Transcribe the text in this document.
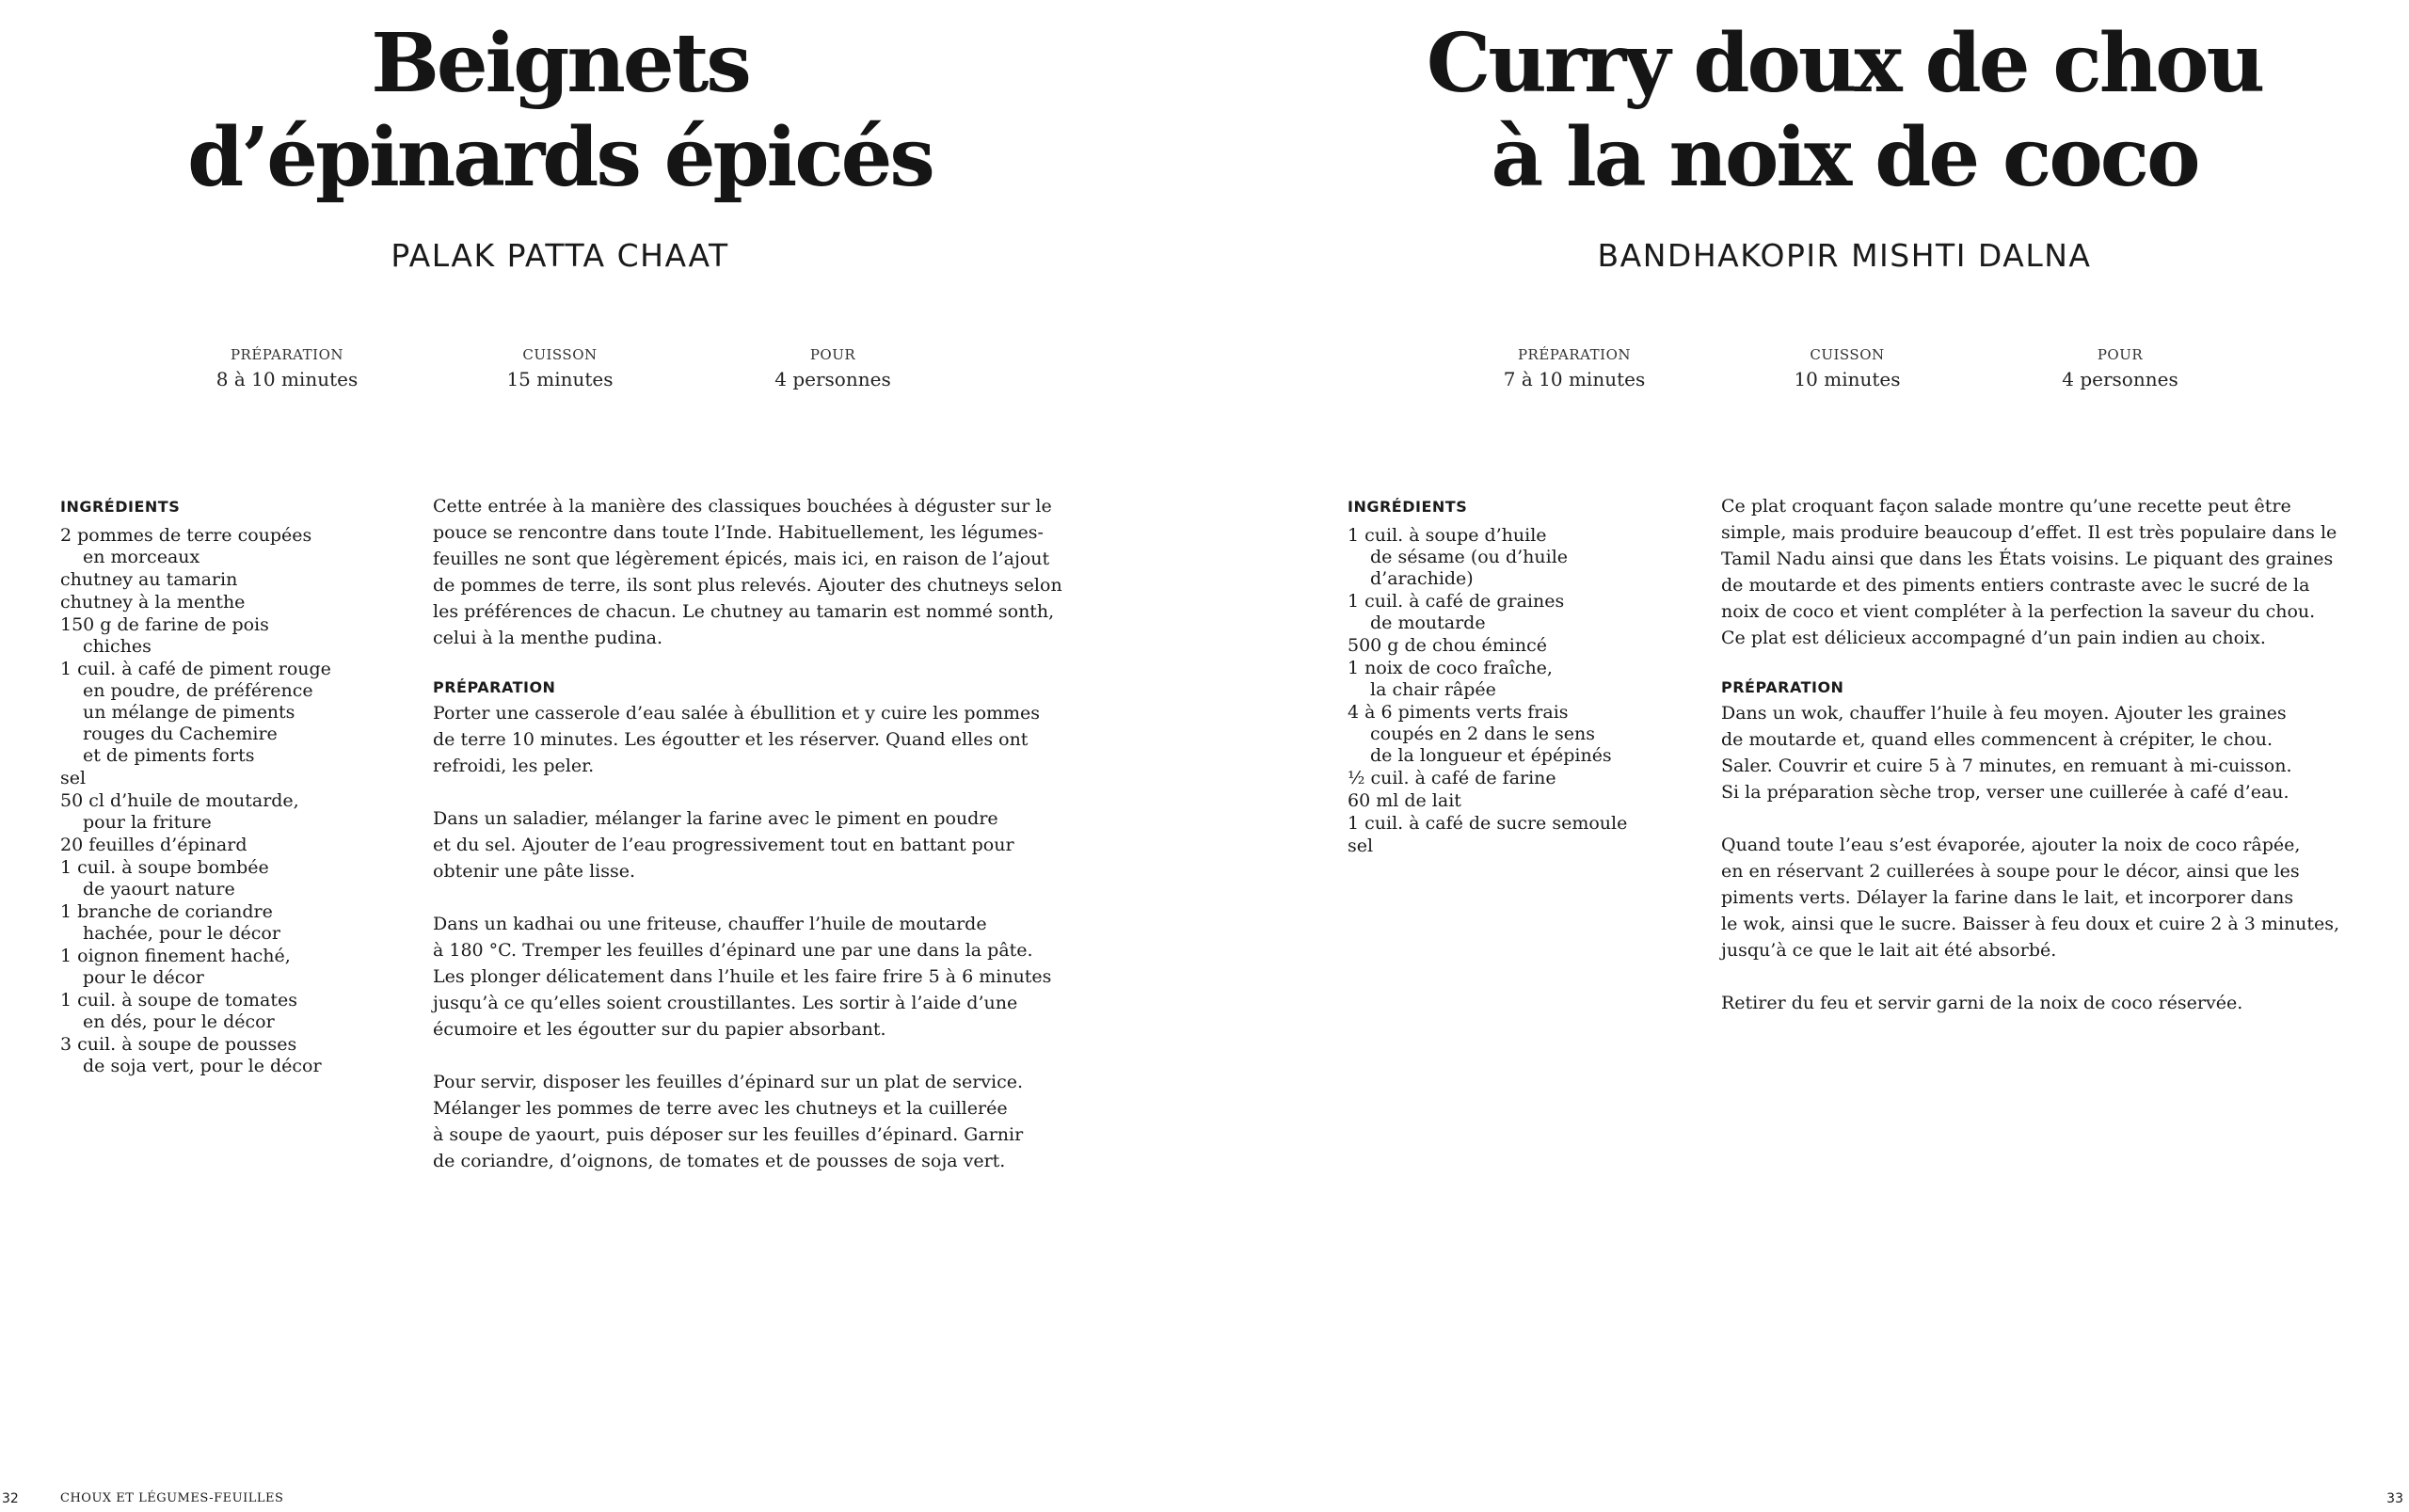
Beignets
d’épinards épicés
PALAK PATTA CHAAT
PRÉPARATION
8 à 10 minutes
CUISSON
15 minutes
POUR
4 personnes
INGRÉDIENTS
2 pommes de terre coupées
en morceaux
chutney au tamarin
chutney à la menthe
150 g de farine de pois
chiches
1 cuil. à café de piment rouge
en poudre, de préférence
un mélange de piments
rouges du Cachemire
et de piments forts
sel
50 cl d’huile de moutarde,
pour la friture
20 feuilles d’épinard
1 cuil. à soupe bombée
de yaourt nature
1 branche de coriandre
hachée, pour le décor
1 oignon finement haché,
pour le décor
1 cuil. à soupe de tomates
en dés, pour le décor
3 cuil. à soupe de pousses
de soja vert, pour le décor

Cette entrée à la manière des classiques bouchées à déguster sur le
pouce se rencontre dans toute l’Inde. Habituellement, les légumes-
feuilles ne sont que légèrement épicés, mais ici, en raison de l’ajout
de pommes de terre, ils sont plus relevés. Ajouter des chutneys selon
les préférences de chacun. Le chutney au tamarin est nommé sonth,
celui à la menthe pudina.

PRÉPARATION

Porter une casserole d’eau salée à ébullition et y cuire les pommes
de terre 10 minutes. Les égoutter et les réserver. Quand elles ont
refroidi, les peler.

Dans un saladier, mélanger la farine avec le piment en poudre
et du sel. Ajouter de l’eau progressivement tout en battant pour
obtenir une pâte lisse.

Dans un kadhai ou une friteuse, chauffer l’huile de moutarde
à 180 °C. Tremper les feuilles d’épinard une par une dans la pâte.
Les plonger délicatement dans l’huile et les faire frire 5 à 6 minutes
jusqu’à ce qu’elles soient croustillantes. Les sortir à l’aide d’une
écumoire et les égoutter sur du papier absorbant.

Pour servir, disposer les feuilles d’épinard sur un plat de service.
Mélanger les pommes de terre avec les chutneys et la cuillerée
à soupe de yaourt, puis déposer sur les feuilles d’épinard. Garnir
de coriandre, d’oignons, de tomates et de pousses de soja vert.

32	CHOUX ET LÉGUMES-FEUILLES
Curry doux de chou
à la noix de coco
BANDHAKOPIR MISHTI DALNA
PRÉPARATION
7 à 10 minutes
CUISSON
10 minutes
POUR
4 personnes
INGRÉDIENTS
1 cuil. à soupe d’huile
de sésame (ou d’huile
d’arachide)
1 cuil. à café de graines
de moutarde
500 g de chou émincé
1 noix de coco fraîche,
la chair râpée
4 à 6 piments verts frais
coupés en 2 dans le sens
de la longueur et épépinés
½ cuil. à café de farine
60 ml de lait
1 cuil. à café de sucre semoule
sel

Ce plat croquant façon salade montre qu’une recette peut être
simple, mais produire beaucoup d’effet. Il est très populaire dans le
Tamil Nadu ainsi que dans les États voisins. Le piquant des graines
de moutarde et des piments entiers contraste avec le sucré de la
noix de coco et vient compléter à la perfection la saveur du chou.
Ce plat est délicieux accompagné d’un pain indien au choix.

PRÉPARATION

Dans un wok, chauffer l’huile à feu moyen. Ajouter les graines
de moutarde et, quand elles commencent à crépiter, le chou.
Saler. Couvrir et cuire 5 à 7 minutes, en remuant à mi-cuisson.
Si la préparation sèche trop, verser une cuillerée à café d’eau.

Quand toute l’eau s’est évaporée, ajouter la noix de coco râpée,
en en réservant 2 cuillerées à soupe pour le décor, ainsi que les
piments verts. Délayer la farine dans le lait, et incorporer dans
le wok, ainsi que le sucre. Baisser à feu doux et cuire 2 à 3 minutes,
jusqu’à ce que le lait ait été absorbé.

Retirer du feu et servir garni de la noix de coco réservée.

33
